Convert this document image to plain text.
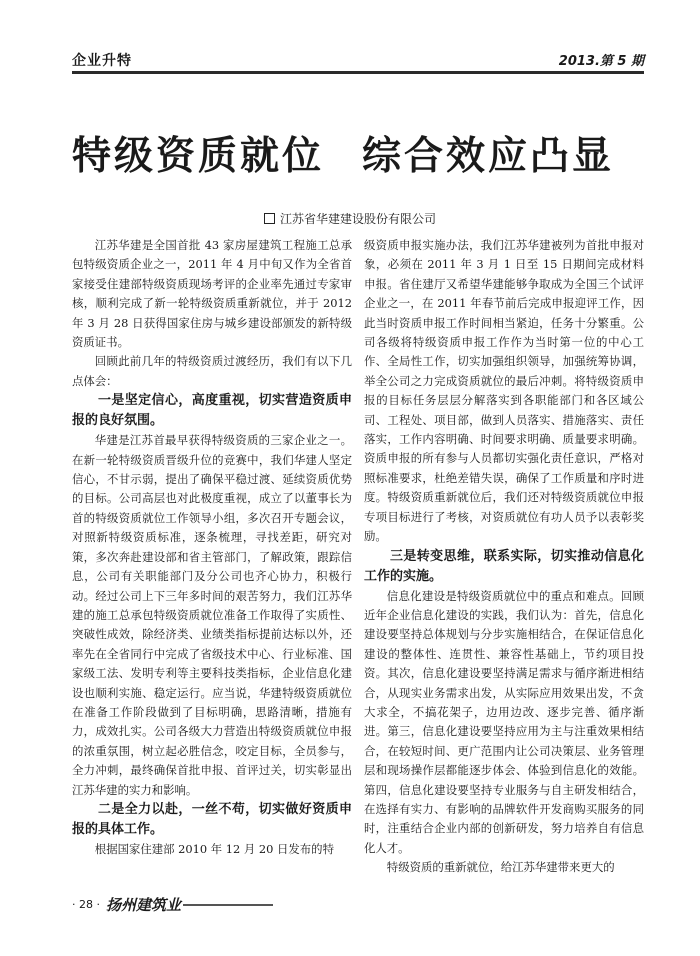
企业升特	2013.第 5 期
特级资质就位 综合效应凸显
江苏省华建建设股份有限公司

江苏华建是全国首批 43 家房屋建筑工程施工总承包特级资质企业之一，2011 年 4 月中旬又作为全省首家接受住建部特级资质现场考评的企业率先通过专家审核，顺利完成了新一轮特级资质重新就位，并于 2012 年 3 月 28 日获得国家住房与城乡建设部颁发的新特级资质证书。

回顾此前几年的特级资质过渡经历，我们有以下几点体会：

一是坚定信心，高度重视，切实营造资质申报的良好氛围。

华建是江苏首最早获得特级资质的三家企业之一。在新一轮特级资质晋级升位的竞赛中，我们华建人坚定信心，不甘示弱，提出了确保平稳过渡、延续资质优势的目标。公司高层也对此极度重视，成立了以董事长为首的特级资质就位工作领导小组，多次召开专题会议，对照新特级资质标准，逐条梳理，寻找差距，研究对策，多次奔赴建设部和省主管部门，了解政策，跟踪信息，公司有关职能部门及分公司也齐心协力，积极行动。经过公司上下三年多时间的艰苦努力，我们江苏华建的施工总承包特级资质就位准备工作取得了实质性、突破性成效，除经济类、业绩类指标提前达标以外，还率先在全省同行中完成了省级技术中心、行业标准、国家级工法、发明专利等主要科技类指标，企业信息化建设也顺利实施、稳定运行。应当说，华建特级资质就位在准备工作阶段做到了目标明确，思路清晰，措施有力，成效扎实。公司各级大力营造出特级资质就位申报的浓重氛围，树立起必胜信念，咬定目标，全员参与，全力冲刺，最终确保首批申报、首评过关，切实彰显出江苏华建的实力和影响。

二是全力以赴，一丝不苟，切实做好资质申报的具体工作。

根据国家住建部 2010 年 12 月 20 日发布的特

级资质申报实施办法，我们江苏华建被列为首批申报对象，必须在 2011 年 3 月 1 日至 15 日期间完成材料申报。省住建厅又希望华建能够争取成为全国三个试评企业之一，在 2011 年春节前后完成申报迎评工作，因此当时资质申报工作时间相当紧迫，任务十分繁重。公司各级将特级资质申报工作作为当时第一位的中心工作、全局性工作，切实加强组织领导，加强统筹协调，举全公司之力完成资质就位的最后冲刺。将特级资质申报的目标任务层层分解落实到各职能部门和各区域公司、工程处、项目部，做到人员落实、措施落实、责任落实，工作内容明确、时间要求明确、质量要求明确。资质申报的所有参与人员都切实强化责任意识，严格对照标准要求，杜绝差错失误，确保了工作质量和序时进度。特级资质重新就位后，我们还对特级资质就位申报专项目标进行了考核，对资质就位有功人员予以表彰奖励。

三是转变思维，联系实际，切实推动信息化工作的实施。

信息化建设是特级资质就位中的重点和难点。回顾近年企业信息化建设的实践，我们认为：首先，信息化建设要坚持总体规划与分步实施相结合，在保证信息化建设的整体性、连贯性、兼容性基础上，节约项目投资。其次，信息化建设要坚持满足需求与循序渐进相结合，从现实业务需求出发，从实际应用效果出发，不贪大求全，不搞花架子，边用边改、逐步完善、循序渐进。第三，信息化建设要坚持应用为主与注重效果相结合，在较短时间、更广范围内让公司决策层、业务管理层和现场操作层都能逐步体会、体验到信息化的效能。第四，信息化建设要坚持专业服务与自主研发相结合，在选择有实力、有影响的品牌软件开发商购买服务的同时，注重结合企业内部的创新研发，努力培养自有信息化人才。

特级资质的重新就位，给江苏华建带来更大的

· 28 · 扬州建筑业
